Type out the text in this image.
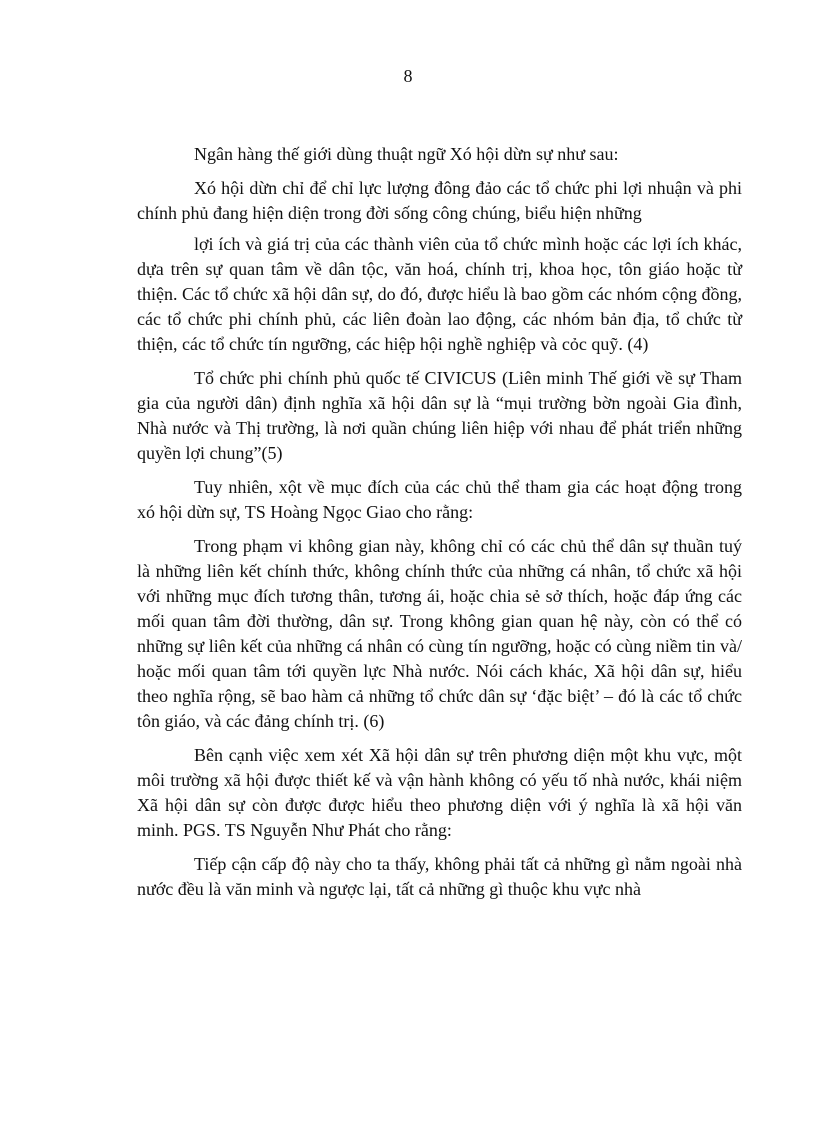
8

Ngân hàng thế giới dùng thuật ngữ Xó hội dừn sự như sau:

Xó hội dừn chỉ để chỉ lực lượng đông đảo các tổ chức phi lợi nhuận và phi chính phủ đang hiện diện trong đời sống công chúng, biểu hiện những

lợi ích và giá trị của các thành viên của tổ chức mình hoặc các lợi ích khác, dựa trên sự quan tâm về dân tộc, văn hoá, chính trị, khoa học, tôn giáo hoặc từ thiện. Các tổ chức xã hội dân sự, do đó, được hiểu là bao gồm các nhóm cộng đồng, các tổ chức phi chính phủ, các liên đoàn lao động, các nhóm bản địa, tổ chức từ thiện, các tổ chức tín ngưỡng, các hiệp hội nghề nghiệp và cỏc quỹ. (4)

Tổ chức phi chính phủ quốc tế CIVICUS (Liên minh Thế giới về sự Tham gia của người dân) định nghĩa xã hội dân sự là “mụi trường bờn ngoài Gia đình, Nhà nước và Thị trường, là nơi quần chúng liên hiệp với nhau để phát triển những quyền lợi chung”(5)

Tuy nhiên, xột về mục đích của các chủ thể tham gia các hoạt động trong xó hội dừn sự, TS Hoàng Ngọc Giao cho rằng:

Trong phạm vi không gian này, không chỉ có các chủ thể dân sự thuần tuý là những liên kết chính thức, không chính thức của những cá nhân, tổ chức xã hội với những mục đích tương thân, tương ái, hoặc chia sẻ sở thích, hoặc đáp ứng các mối quan tâm đời thường, dân sự. Trong không gian quan hệ này, còn có thể có những sự liên kết của những cá nhân có cùng tín ngưỡng, hoặc có cùng niềm tin và/ hoặc mối quan tâm tới quyền lực Nhà nước. Nói cách khác, Xã hội dân sự, hiểu theo nghĩa rộng, sẽ bao hàm cả những tổ chức dân sự ‘đặc biệt’ – đó là các tổ chức tôn giáo, và các đảng chính trị. (6)

Bên cạnh việc xem xét Xã hội dân sự trên phương diện một khu vực, một môi trường xã hội được thiết kế và vận hành không có yếu tố nhà nước, khái niệm Xã hội dân sự còn được được hiểu theo phương diện với ý nghĩa là xã hội văn minh. PGS. TS Nguyễn Như Phát cho rằng:

Tiếp cận cấp độ này cho ta thấy, không phải tất cả những gì nằm ngoài nhà nước đều là văn minh và ngược lại, tất cả những gì thuộc khu vực nhà
